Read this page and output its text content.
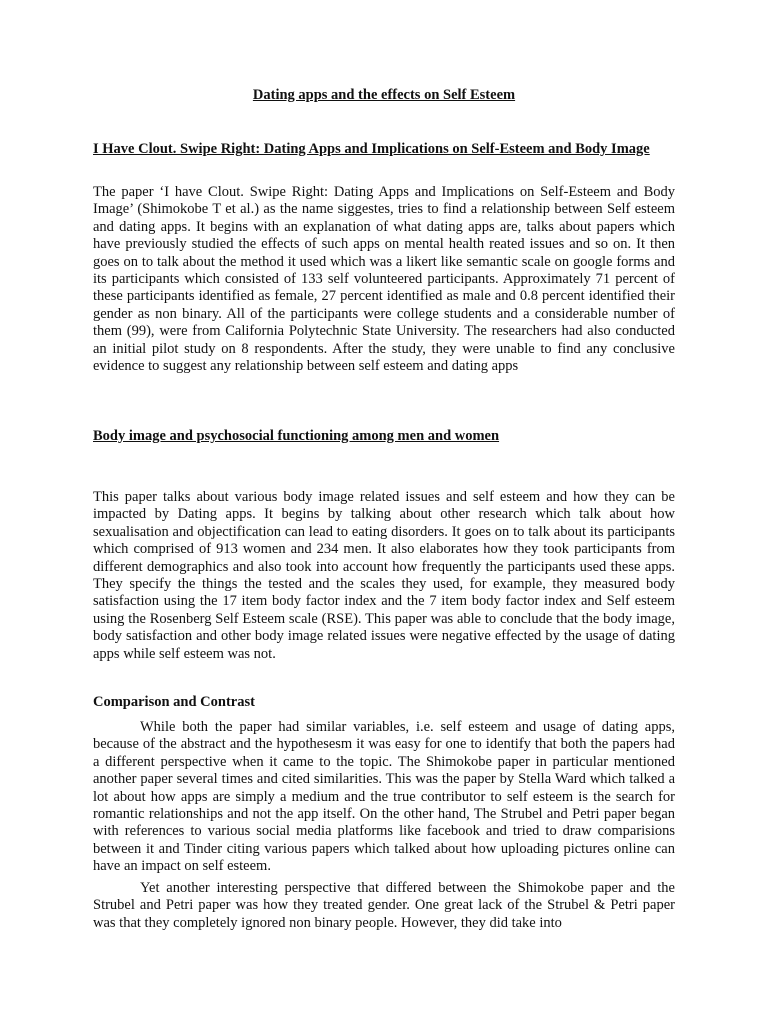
Dating apps and the effects on Self Esteem
I Have Clout. Swipe Right: Dating Apps and Implications on Self-Esteem and Body Image

The paper ‘I have Clout. Swipe Right: Dating Apps and Implications on Self-Esteem and Body Image’ (Shimokobe T et al.) as the name siggestes, tries to find a relationship between Self esteem and dating apps. It begins with an explanation of what dating apps are, talks about papers which have previously studied the effects of such apps on mental health reated issues and so on. It then goes on to talk about the method it used which was a likert like semantic scale on google forms and its participants which consisted of 133 self volunteered participants. Approximately 71 percent of these participants identified as female, 27 percent identified as male and 0.8 percent identified their gender as non binary. All of the participants were college students and a considerable number of them (99), were from California Polytechnic State University. The researchers had also conducted an initial pilot study on 8 respondents. After the study, they were unable to find any conclusive evidence to suggest any relationship between self esteem and dating apps

Body image and psychosocial functioning among men and women

This paper talks about various body image related issues and self esteem and how they can be impacted by Dating apps. It begins by talking about other research which talk about how sexualisation and objectification can lead to eating disorders. It goes on to talk about its participants which comprised of 913 women and 234 men. It also elaborates how they took participants from different demographics and also took into account how frequently the participants used these apps. They specify the things the tested and the scales they used, for example, they measured body satisfaction using the 17 item body factor index and the 7 item body factor index and Self esteem using the Rosenberg Self Esteem scale (RSE). This paper was able to conclude that the body image, body satisfaction and other body image related issues were negative effected by the usage of dating apps while self esteem was not.

Comparison and Contrast

While both the paper had similar variables, i.e. self esteem and usage of dating apps, because of the abstract and the hypothesesm it was easy for one to identify that both the papers had a different perspective when it came to the topic. The Shimokobe paper in particular mentioned another paper several times and cited similarities. This was the paper by Stella Ward which talked a lot about how apps are simply a medium and the true contributor to self esteem is the search for romantic relationships and not the app itself. On the other hand, The Strubel and Petri paper began with references to various social media platforms like facebook and tried to draw comparisions between it and Tinder citing various papers which talked about how uploading pictures online can have an impact on self esteem.

Yet another interesting perspective that differed between the Shimokobe paper and the Strubel and Petri paper was how they treated gender. One great lack of the Strubel & Petri paper was that they completely ignored non binary people. However, they did take into
